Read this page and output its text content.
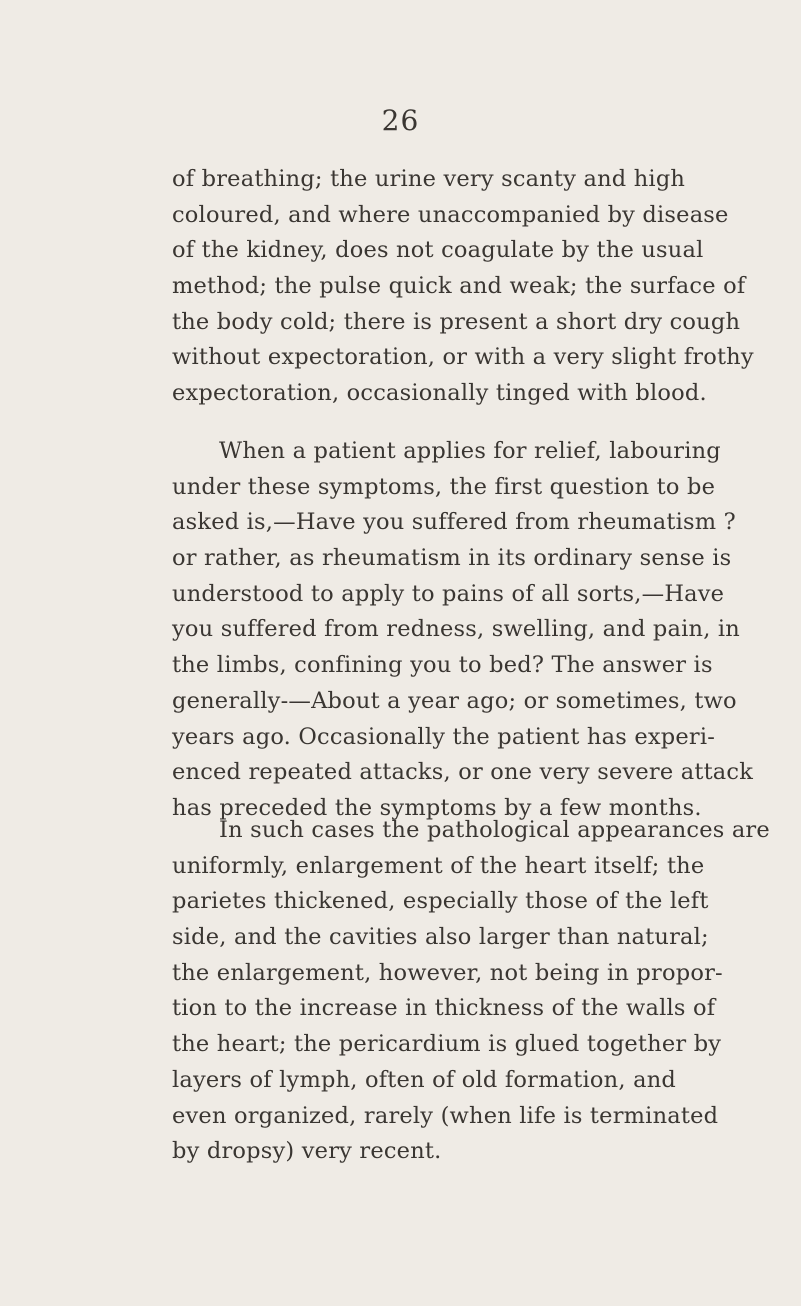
26
of breathing; the urine very scanty and high
coloured, and where unaccompanied by disease
of the kidney, does not coagulate by the usual
method; the pulse quick and weak; the surface of
the body cold; there is present a short dry cough
without expectoration, or with a very slight frothy
expectoration, occasionally tinged with blood.
When a patient applies for relief, labouring
under these symptoms, the first question to be
asked is,—Have you suffered from rheumatism ?
or rather, as rheumatism in its ordinary sense is
understood to apply to pains of all sorts,—Have
you suffered from redness, swelling, and pain, in
the limbs, confining you to bed? The answer is
generally-—About a year ago; or sometimes, two
years ago. Occasionally the patient has experi-
enced repeated attacks, or one very severe attack
has preceded the symptoms by a few months.
In such cases the pathological appearances are
uniformly, enlargement of the heart itself; the
parietes thickened, especially those of the left
side, and the cavities also larger than natural;
the enlargement, however, not being in propor-
tion to the increase in thickness of the walls of
the heart; the pericardium is glued together by
layers of lymph, often of old formation, and
even organized, rarely (when life is terminated
by dropsy) very recent.
